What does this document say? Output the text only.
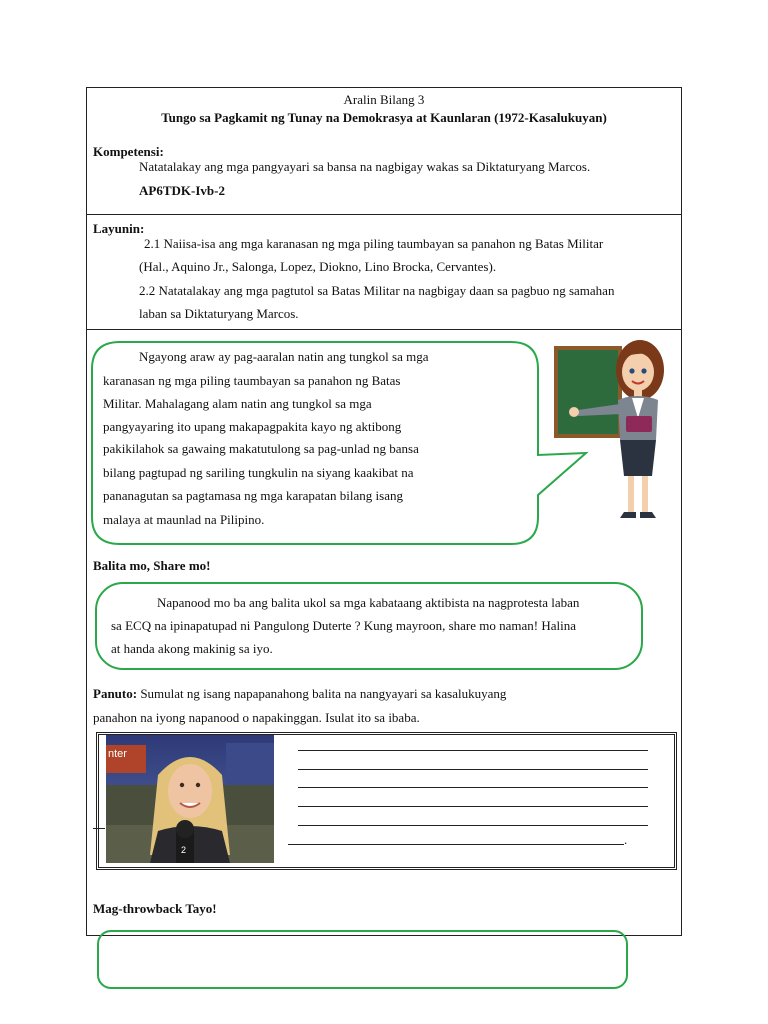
Aralin Bilang 3
Tungo sa Pagkamit ng Tunay na Demokrasya at Kaunlaran (1972-Kasalukuyan)
Kompetensi:
Natatalakay ang mga pangyayari sa bansa na nagbigay wakas sa Diktaturyang Marcos.
AP6TDK-Ivb-2
Layunin:
2.1 Naiisa-isa ang mga karanasan ng mga piling taumbayan sa panahon ng Batas Militar
(Hal., Aquino Jr., Salonga, Lopez, Diokno, Lino Brocka, Cervantes).
2.2 Natatalakay ang mga pagtutol sa Batas Militar na nagbigay daan sa pagbuo ng samahan
laban sa Diktaturyang Marcos.
Ngayong araw ay pag-aaralan natin ang tungkol sa mga
karanasan ng mga piling taumbayan sa panahon ng Batas
Militar. Mahalagang alam natin ang tungkol sa mga
pangyayaring ito upang makapagpakita kayo ng aktibong
pakikilahok sa gawaing makatutulong sa pag-unlad ng bansa
bilang pagtupad ng sariling tungkulin na siyang kaakibat na
pananagutan sa pagtamasa ng mga karapatan bilang isang
malaya at maunlad na Pilipino.
Balita mo, Share mo!
Napanood mo ba ang balita ukol sa mga kabataang aktibista na nagprotesta laban
sa ECQ na ipinapatupad ni Pangulong Duterte ? Kung mayroon, share mo naman! Halina
at handa akong makinig sa iyo.
Panuto: Sumulat ng isang napapanahong balita na nangyayari sa kasalukuyang
panahon na iyong napanood o napakinggan. Isulat ito sa ibaba.
nter
2
.
Mag-throwback Tayo!
